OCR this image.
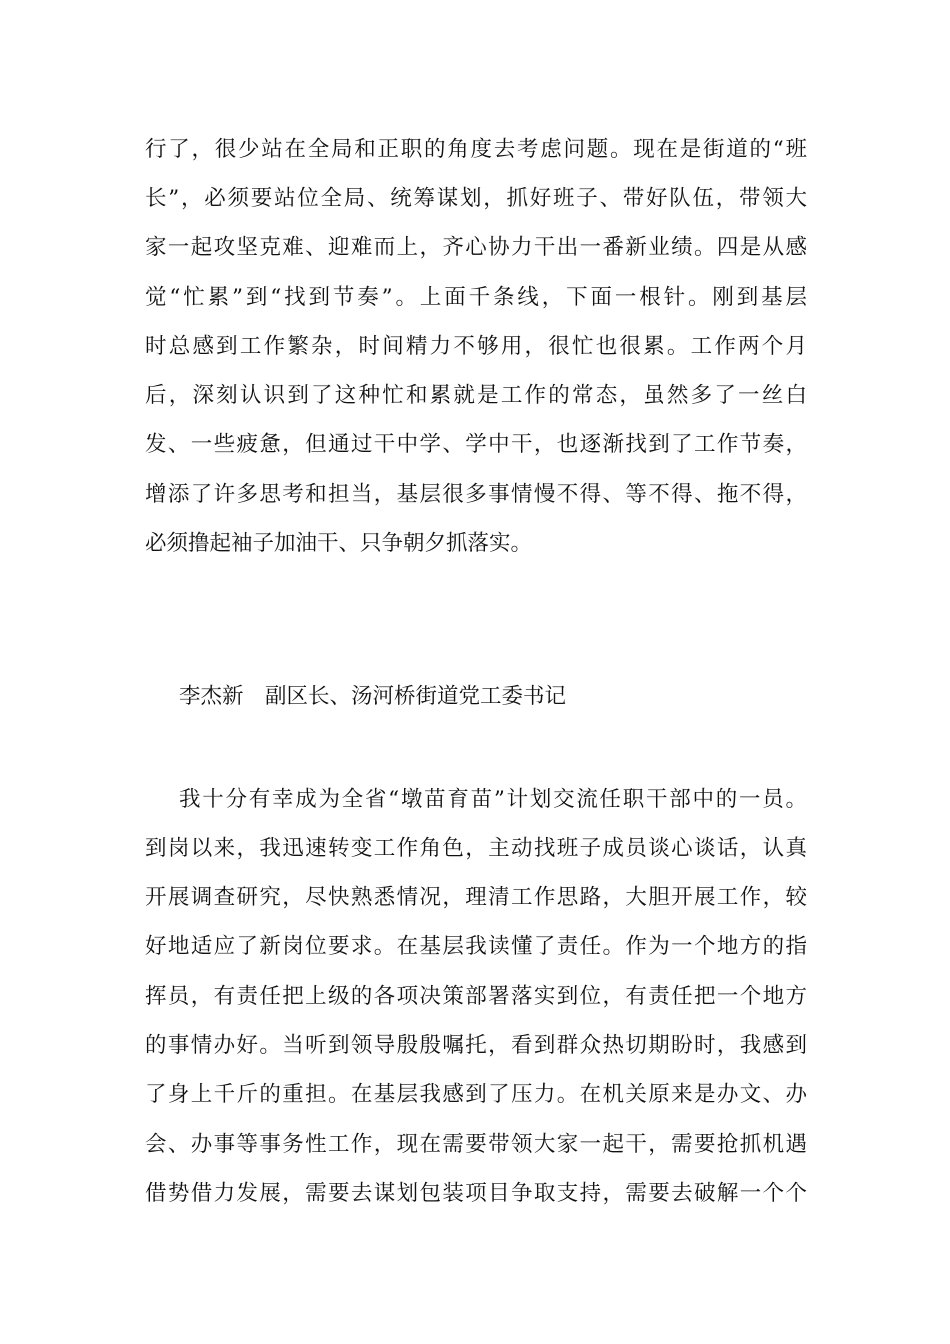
行了，很少站在全局和正职的角度去考虑问题。现在是街道的“班
长”，必须要站位全局、统筹谋划，抓好班子、带好队伍，带领大
家一起攻坚克难、迎难而上，齐心协力干出一番新业绩。四是从感
觉“忙累”到“找到节奏”。上面千条线，下面一根针。刚到基层
时总感到工作繁杂，时间精力不够用，很忙也很累。工作两个月
后，深刻认识到了这种忙和累就是工作的常态，虽然多了一丝白
发、一些疲惫，但通过干中学、学中干，也逐渐找到了工作节奏，
增添了许多思考和担当，基层很多事情慢不得、等不得、拖不得，
必须撸起袖子加油干、只争朝夕抓落实。
李杰新　 副区长、汤河桥街道党工委书记
我十分有幸成为全省“墩苗育苗”计划交流任职干部中的一员。
到岗以来，我迅速转变工作角色，主动找班子成员谈心谈话，认真
开展调查研究，尽快熟悉情况，理清工作思路，大胆开展工作，较
好地适应了新岗位要求。在基层我读懂了责任。作为一个地方的指
挥员，有责任把上级的各项决策部署落实到位，有责任把一个地方
的事情办好。当听到领导殷殷嘱托，看到群众热切期盼时，我感到
了身上千斤的重担。在基层我感到了压力。在机关原来是办文、办
会、办事等事务性工作，现在需要带领大家一起干，需要抢抓机遇
借势借力发展，需要去谋划包装项目争取支持，需要去破解一个个
